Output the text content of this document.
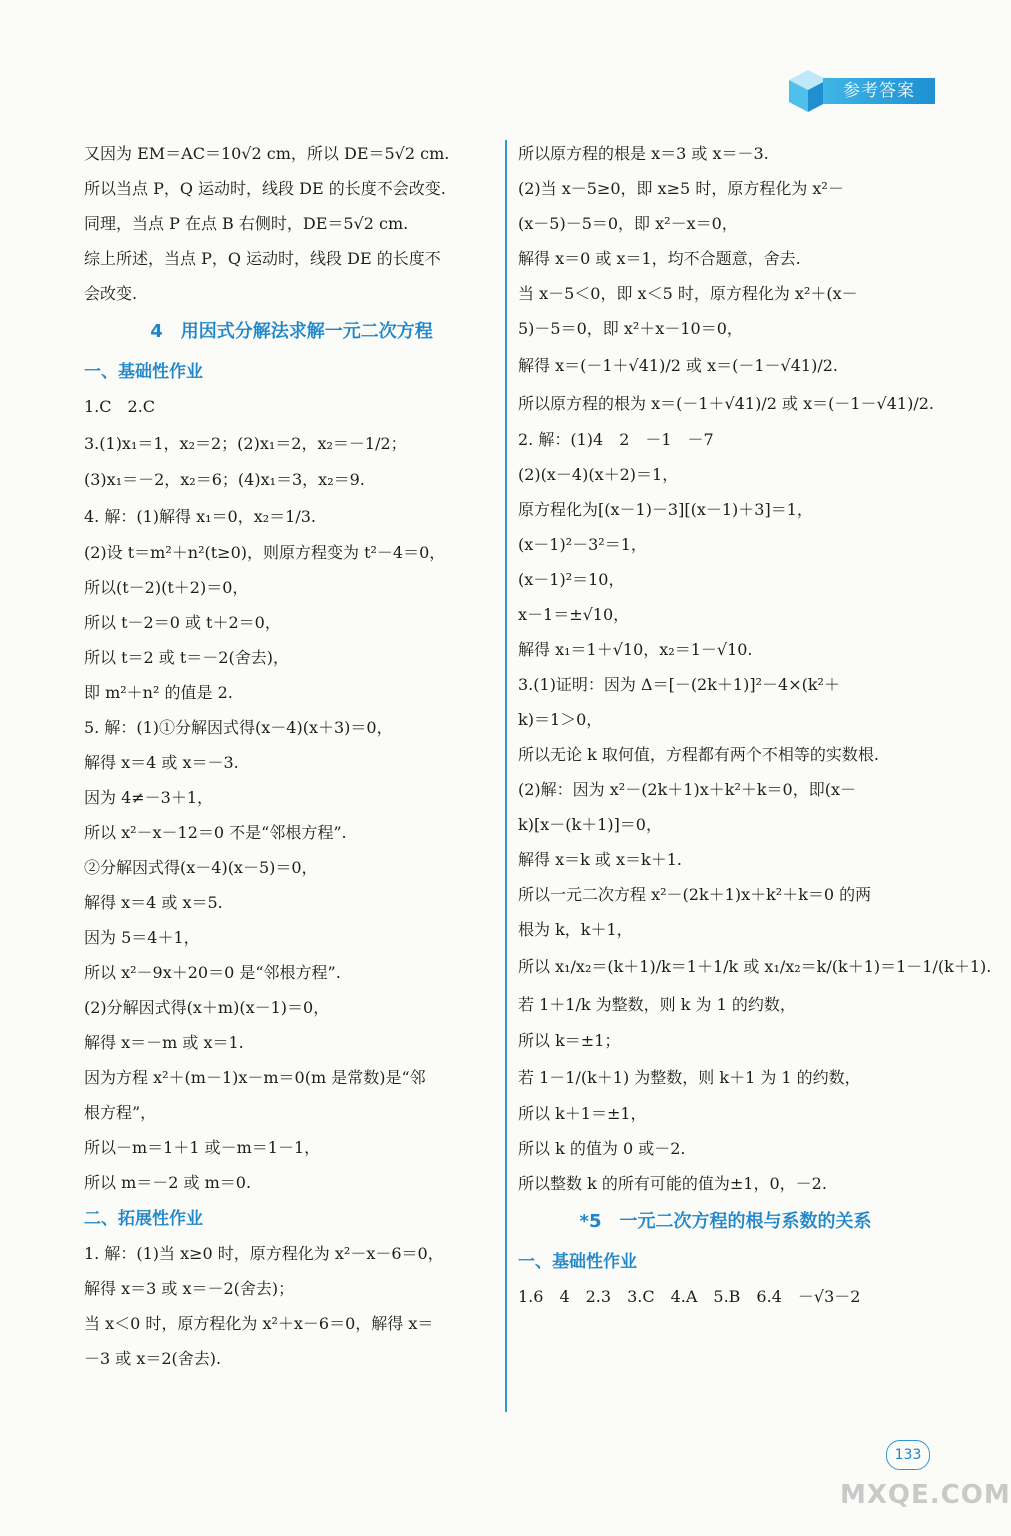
参考答案
又因为 EM＝AC＝10√2 cm，所以 DE＝5√2 cm.
所以当点 P，Q 运动时，线段 DE 的长度不会改变.
同理，当点 P 在点 B 右侧时，DE＝5√2 cm.
综上所述，当点 P，Q 运动时，线段 DE 的长度不
会改变.
4　用因式分解法求解一元二次方程
一、基础性作业
1.C　2.C
3.(1)x₁＝1，x₂＝2；(2)x₁＝2，x₂＝－1/2；
(3)x₁＝－2，x₂＝6；(4)x₁＝3，x₂＝9.
4. 解：(1)解得 x₁＝0，x₂＝1/3.
(2)设 t＝m²＋n²(t≥0)，则原方程变为 t²－4＝0，
所以(t－2)(t＋2)＝0，
所以 t－2＝0 或 t＋2＝0，
所以 t＝2 或 t＝－2(舍去)，
即 m²＋n² 的值是 2.
5. 解：(1)①分解因式得(x－4)(x＋3)＝0，
解得 x＝4 或 x＝－3.
因为 4≠－3＋1，
所以 x²－x－12＝0 不是“邻根方程”.
②分解因式得(x－4)(x－5)＝0，
解得 x＝4 或 x＝5.
因为 5＝4＋1，
所以 x²－9x＋20＝0 是“邻根方程”.
(2)分解因式得(x＋m)(x－1)＝0，
解得 x＝－m 或 x＝1.
因为方程 x²＋(m－1)x－m＝0(m 是常数)是“邻
根方程”，
所以－m＝1＋1 或－m＝1－1，
所以 m＝－2 或 m＝0.
二、拓展性作业
1. 解：(1)当 x≥0 时，原方程化为 x²－x－6＝0，
解得 x＝3 或 x＝－2(舍去)；
当 x＜0 时，原方程化为 x²＋x－6＝0，解得 x＝
－3 或 x＝2(舍去).
所以原方程的根是 x＝3 或 x＝－3.
(2)当 x－5≥0，即 x≥5 时，原方程化为 x²－
(x－5)－5＝0，即 x²－x＝0，
解得 x＝0 或 x＝1，均不合题意，舍去.
当 x－5＜0，即 x＜5 时，原方程化为 x²＋(x－
5)－5＝0，即 x²＋x－10＝0，
解得 x＝(－1＋√41)/2 或 x＝(－1－√41)/2.
所以原方程的根为 x＝(－1＋√41)/2 或 x＝(－1－√41)/2.
2. 解：(1)4　2　－1　－7
(2)(x－4)(x＋2)＝1，
原方程化为[(x－1)－3][(x－1)＋3]＝1，
(x－1)²－3²＝1，
(x－1)²＝10，
x－1＝±√10，
解得 x₁＝1＋√10，x₂＝1－√10.
3.(1)证明：因为 Δ＝[－(2k＋1)]²－4×(k²＋
k)＝1＞0，
所以无论 k 取何值，方程都有两个不相等的实数根.
(2)解：因为 x²－(2k＋1)x＋k²＋k＝0，即(x－
k)[x－(k＋1)]＝0，
解得 x＝k 或 x＝k＋1.
所以一元二次方程 x²－(2k＋1)x＋k²＋k＝0 的两
根为 k，k＋1，
所以 x₁/x₂＝(k＋1)/k＝1＋1/k 或 x₁/x₂＝k/(k＋1)＝1－1/(k＋1).
若 1＋1/k 为整数，则 k 为 1 的约数，
所以 k＝±1；
若 1－1/(k＋1) 为整数，则 k＋1 为 1 的约数，
所以 k＋1＝±1，
所以 k 的值为 0 或－2.
所以整数 k 的所有可能的值为±1，0，－2.
*5　一元二次方程的根与系数的关系
一、基础性作业
1.6　4　2.3　3.C　4.A　5.B　6.4　－√3－2
133
MXQE.COM
